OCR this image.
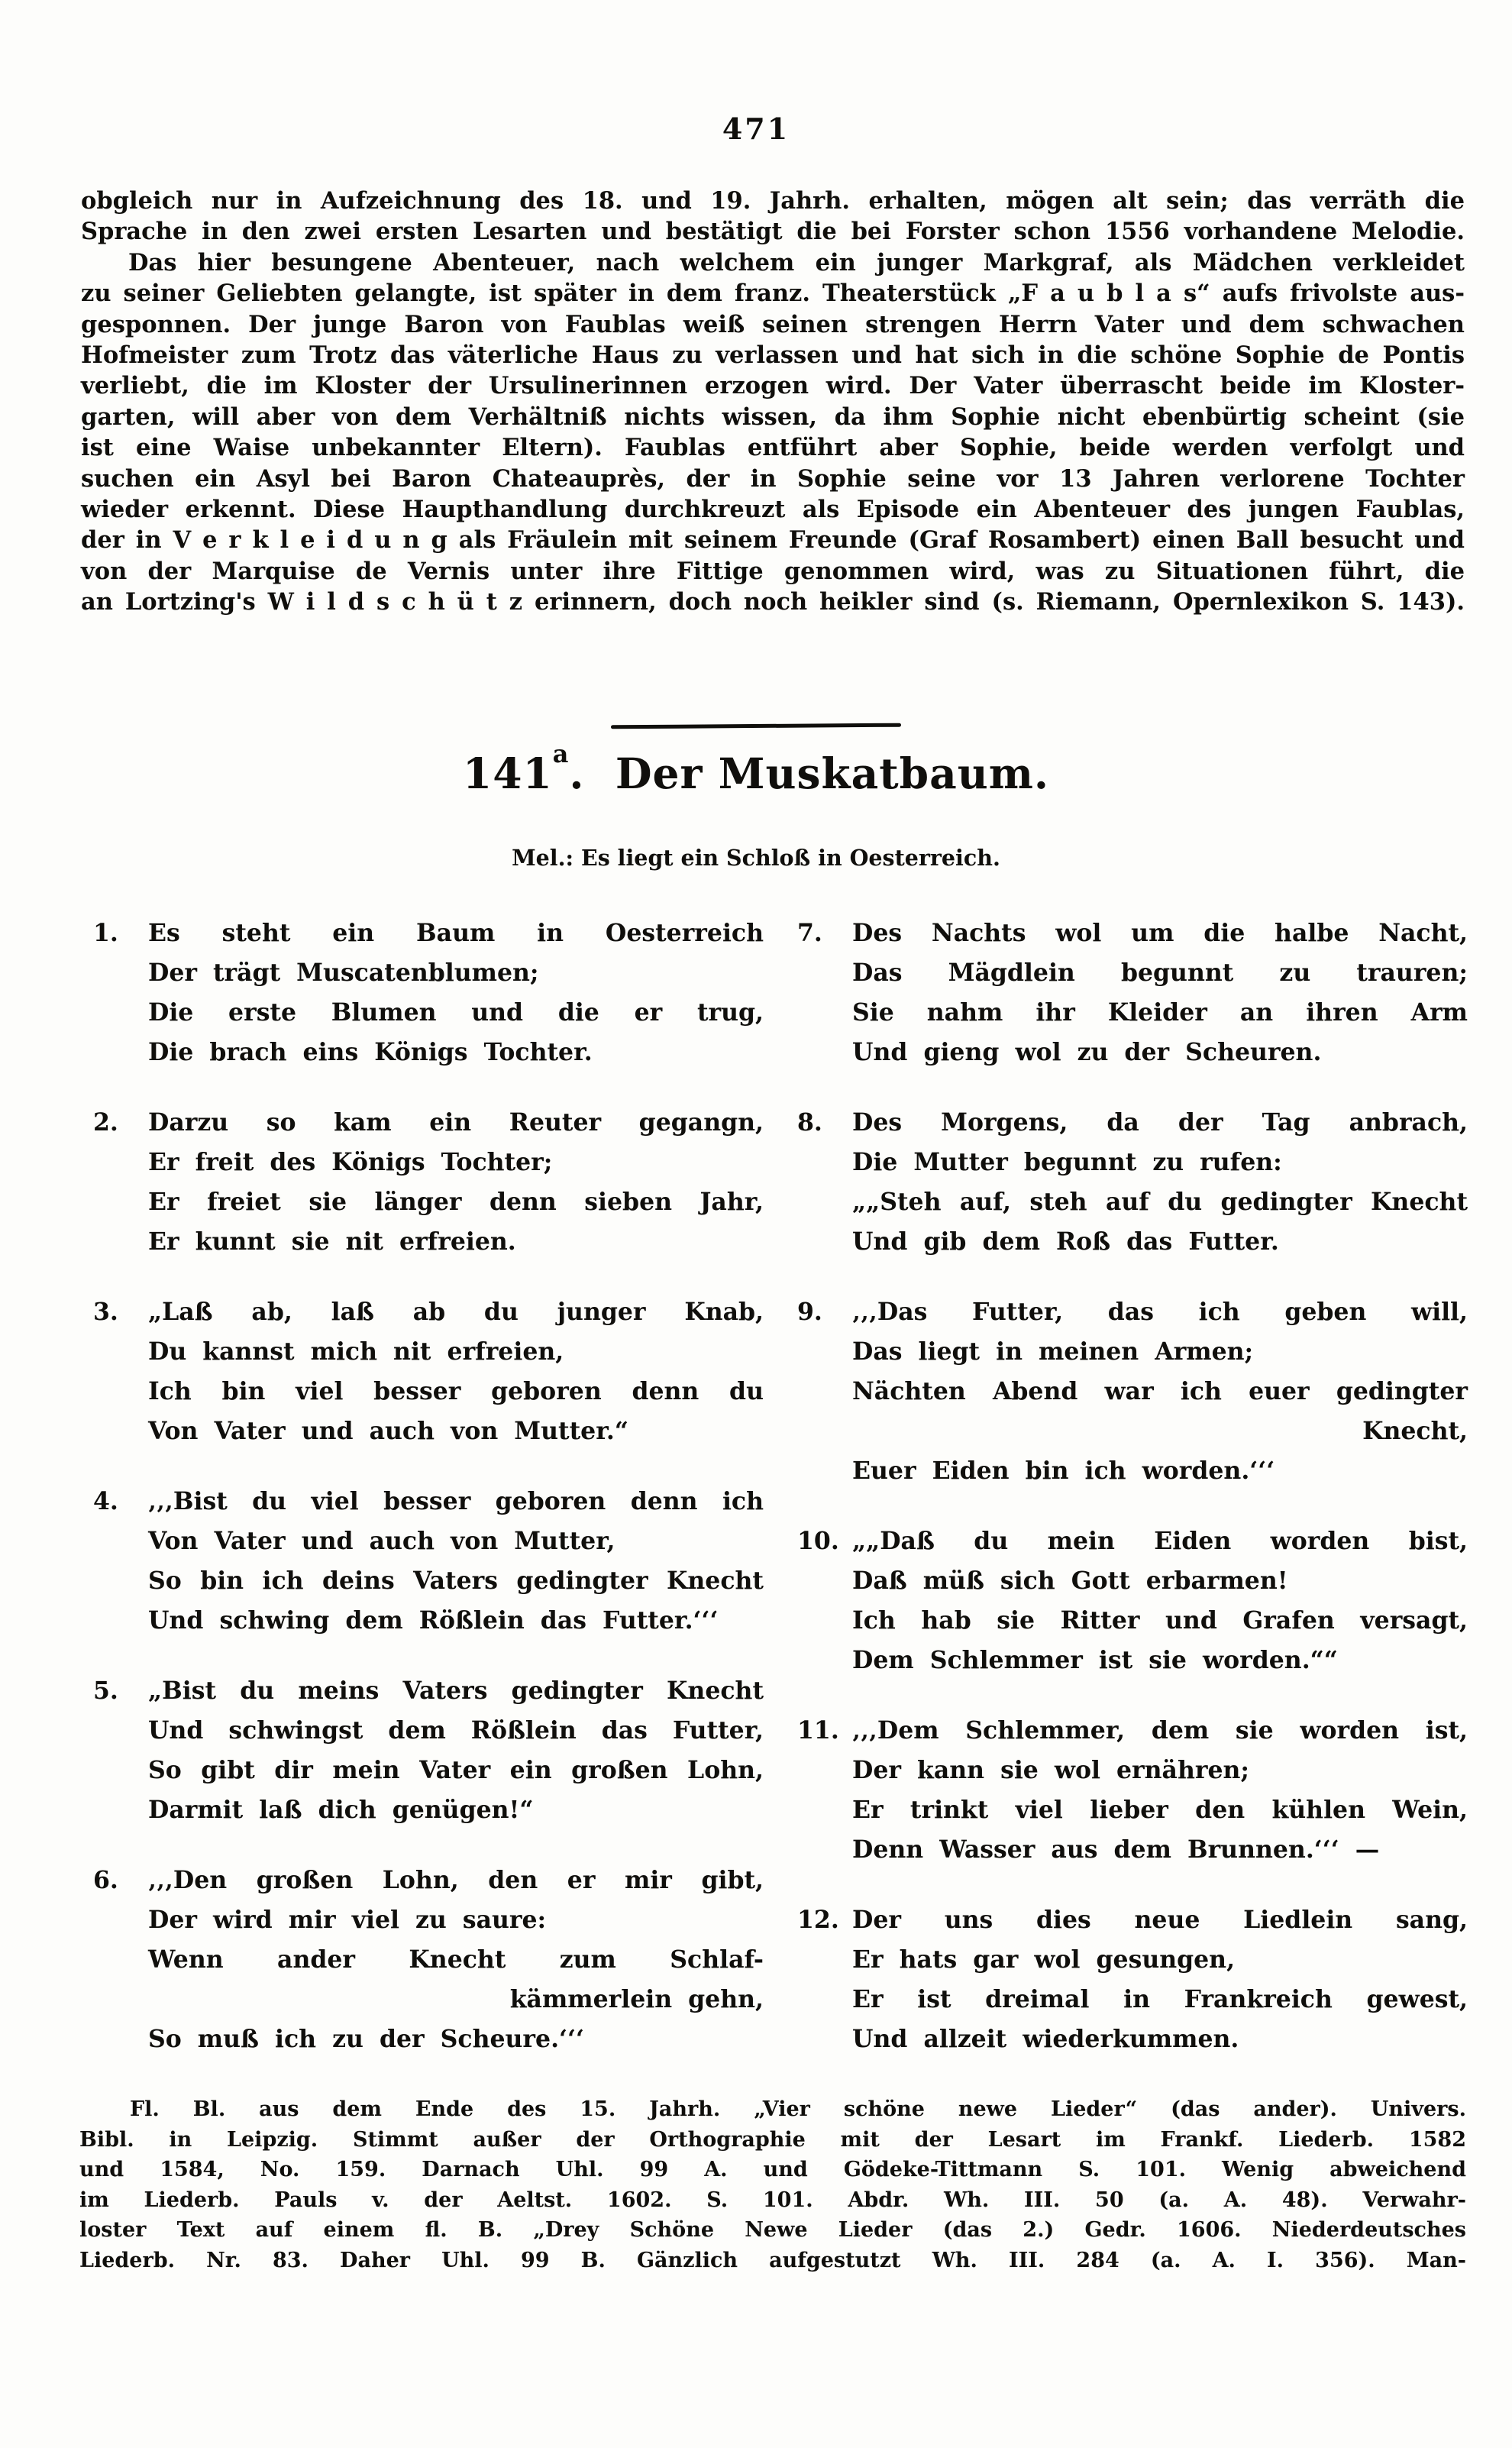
471
obgleich nur in Aufzeichnung des 18. und 19. Jahrh. erhalten, mögen alt sein; das verräth die
Sprache in den zwei ersten Lesarten und bestätigt die bei Forster schon 1556 vorhandene Melodie.
Das hier besungene Abenteuer, nach welchem ein junger Markgraf, als Mädchen verkleidet
zu seiner Geliebten gelangte, ist später in dem franz. Theaterstück „F a u b l a s“ aufs frivolste aus-
gesponnen. Der junge Baron von Faublas weiß seinen strengen Herrn Vater und dem schwachen
Hofmeister zum Trotz das väterliche Haus zu verlassen und hat sich in die schöne Sophie de Pontis
verliebt, die im Kloster der Ursulinerinnen erzogen wird. Der Vater überrascht beide im Kloster-
garten, will aber von dem Verhältniß nichts wissen, da ihm Sophie nicht ebenbürtig scheint (sie
ist eine Waise unbekannter Eltern). Faublas entführt aber Sophie, beide werden verfolgt und
suchen ein Asyl bei Baron Chateauprès, der in Sophie seine vor 13 Jahren verlorene Tochter
wieder erkennt. Diese Haupthandlung durchkreuzt als Episode ein Abenteuer des jungen Faublas,
der in V e r k l e i d u n g als Fräulein mit seinem Freunde (Graf Rosambert) einen Ball besucht und
von der Marquise de Vernis unter ihre Fittige genommen wird, was zu Situationen führt, die
an Lortzing's W i l d s c h ü t z erinnern, doch noch heikler sind (s. Riemann, Opernlexikon S. 143).
141$^a$.  Der Muskatbaum.
Mel.: Es liegt ein Schloß in Oesterreich.
1. Es steht ein Baum in Oesterreich
Der trägt Muscatenblumen;
Die erste Blumen und die er trug,
Die brach eins Königs Tochter.
2. Darzu so kam ein Reuter gegangn,
Er freit des Königs Tochter;
Er freiet sie länger denn sieben Jahr,
Er kunnt sie nit erfreien.
3. „Laß ab, laß ab du junger Knab,
Du kannst mich nit erfreien,
Ich bin viel besser geboren denn du
Von Vater und auch von Mutter.“
4. ‚‚‚Bist du viel besser geboren denn ich
Von Vater und auch von Mutter,
So bin ich deins Vaters gedingter Knecht
Und schwing dem Rößlein das Futter.‘‘‘
5. „Bist du meins Vaters gedingter Knecht
Und schwingst dem Rößlein das Futter,
So gibt dir mein Vater ein großen Lohn,
Darmit laß dich genügen!“
6. ‚‚‚Den großen Lohn, den er mir gibt,
Der wird mir viel zu saure:
Wenn ander Knecht zum Schlaf-
kämmerlein gehn,
So muß ich zu der Scheure.‘‘‘
7. Des Nachts wol um die halbe Nacht,
Das Mägdlein begunnt zu trauren;
Sie nahm ihr Kleider an ihren Arm
Und gieng wol zu der Scheuren.
8. Des Morgens, da der Tag anbrach,
Die Mutter begunnt zu rufen:
„„Steh auf, steh auf du gedingter Knecht
Und gib dem Roß das Futter.
9. ‚‚‚Das Futter, das ich geben will,
Das liegt in meinen Armen;
Nächten Abend war ich euer gedingter
Knecht,
Euer Eiden bin ich worden.‘‘‘
10. „„Daß du mein Eiden worden bist,
Daß müß sich Gott erbarmen!
Ich hab sie Ritter und Grafen versagt,
Dem Schlemmer ist sie worden.““
11. ‚‚‚Dem Schlemmer, dem sie worden ist,
Der kann sie wol ernähren;
Er trinkt viel lieber den kühlen Wein,
Denn Wasser aus dem Brunnen.‘‘‘ —
12. Der uns dies neue Liedlein sang,
Er hats gar wol gesungen,
Er ist dreimal in Frankreich gewest,
Und allzeit wiederkummen.
Fl. Bl. aus dem Ende des 15. Jahrh. „Vier schöne newe Lieder“ (das ander). Univers.
Bibl. in Leipzig. Stimmt außer der Orthographie mit der Lesart im Frankf. Liederb. 1582
und 1584, No. 159. Darnach Uhl. 99 A. und Gödeke-Tittmann S. 101. Wenig abweichend
im Liederb. Pauls v. der Aeltst. 1602. S. 101. Abdr. Wh. III. 50 (a. A. 48). Verwahr-
loster Text auf einem fl. B. „Drey Schöne Newe Lieder (das 2.) Gedr. 1606. Niederdeutsches
Liederb. Nr. 83. Daher Uhl. 99 B. Gänzlich aufgestutzt Wh. III. 284 (a. A. I. 356). Man-
